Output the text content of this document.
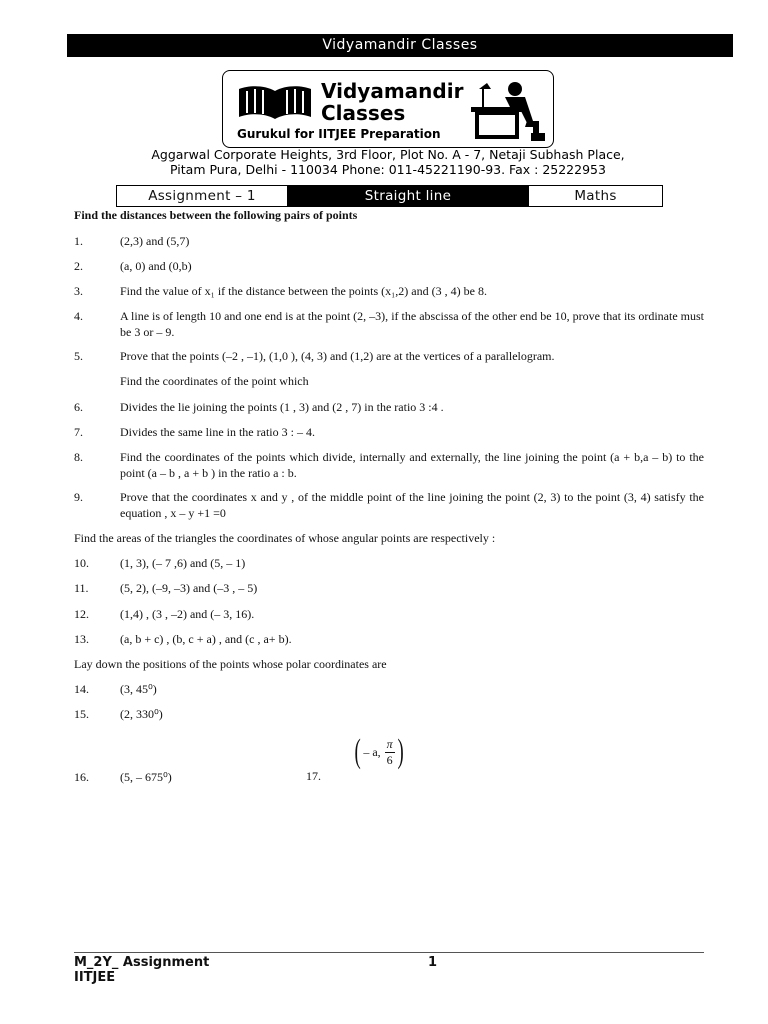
Vidyamandir Classes
Vidyamandir
Classes
Gurukul for IITJEE Preparation
Aggarwal Corporate Heights, 3rd Floor, Plot No. A - 7, Netaji Subhash Place,
Pitam Pura, Delhi - 110034 Phone: 011-45221190-93. Fax : 25222953
Assignment – 1	Straight line	Maths
Find the distances between the following pairs of points
1.	(2,3) and (5,7)
2.	(a, 0) and (0,b)
3.	Find the value of x₁ if the distance between the points (x₁,2) and (3 , 4) be 8.
4.	A line is of length 10 and one end is at the point (2, –3), if the abscissa of the other end be 10, prove that its ordinate must be 3 or – 9.
5.	Prove that the points (–2 , –1), (1,0 ), (4, 3) and (1,2) are at the vertices of a parallelogram.
Find the coordinates of the point which
6.	Divides the lie joining the points (1 , 3) and (2 , 7) in the ratio 3 :4 .
7.	Divides the same line in the ratio 3 : – 4.
8.	Find the coordinates of the points which divide, internally and externally, the line joining the point (a + b,a – b) to the point (a – b , a + b ) in the ratio a : b.
9.	Prove that the coordinates x and y , of the middle point of the line joining the point (2, 3) to the point (3, 4) satisfy the equation , x – y +1 =0
Find the areas of the triangles the coordinates of whose angular points are respectively :
10.	(1, 3), (– 7 ,6) and (5, – 1)
11.	(5, 2), (–9, –3) and (–3 , – 5)
12.	(1,4) , (3 , –2) and (– 3, 16).
13.	(a, b + c) , (b, c + a) , and (c , a+ b).
Lay down the positions of the points whose polar coordinates are
14.	(3, 45⁰)
15.	(2, 330⁰)
16.	(5, – 675⁰)	17.
( – a, $\frac{\pi}{6}$ )
M_2Y_ Assignment
IITJEE
1
